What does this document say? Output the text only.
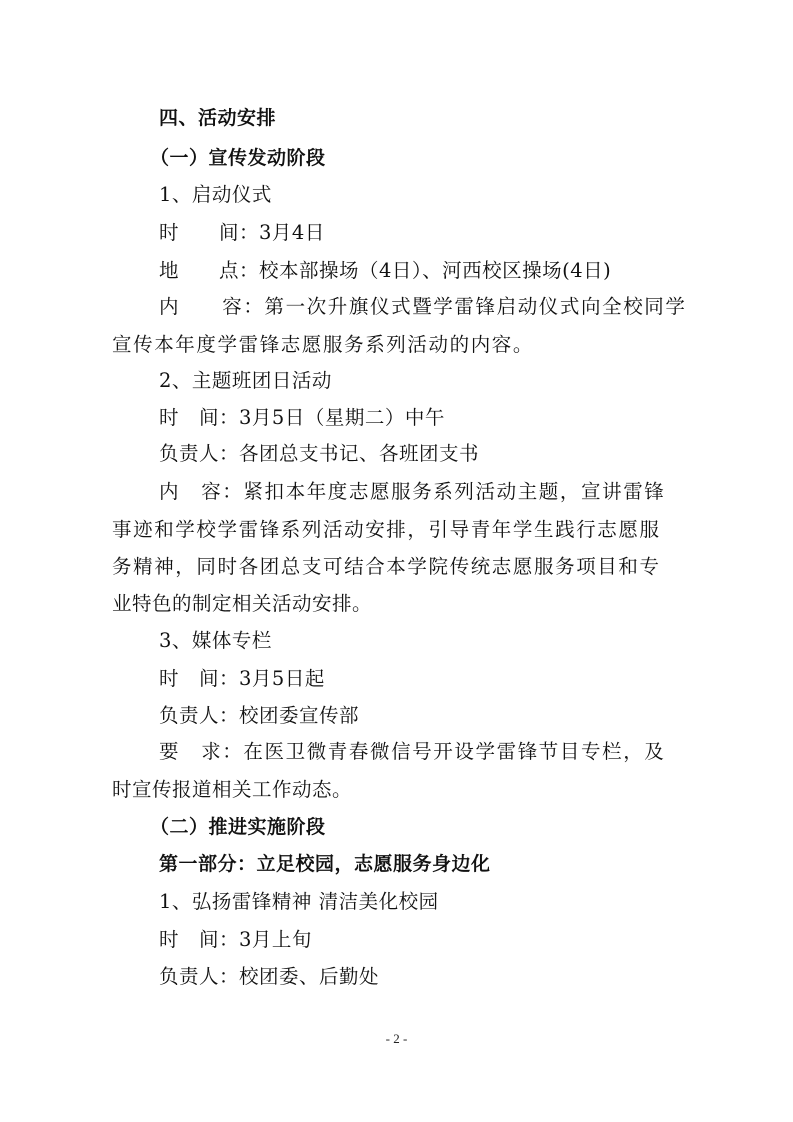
四、活动安排
（一）宣传发动阶段
1、启动仪式
时　　间：3月4日
地　　点：校本部操场（4日）、河西校区操场(4日)
内　　容：第一次升旗仪式暨学雷锋启动仪式向全校同学
宣传本年度学雷锋志愿服务系列活动的内容。
2、主题班团日活动
时　间：3月5日（星期二）中午
负责人：各团总支书记、各班团支书
内　容：紧扣本年度志愿服务系列活动主题，宣讲雷锋
事迹和学校学雷锋系列活动安排，引导青年学生践行志愿服
务精神，同时各团总支可结合本学院传统志愿服务项目和专
业特色的制定相关活动安排。
3、媒体专栏
时　间：3月5日起
负责人：校团委宣传部
要　求：在医卫微青春微信号开设学雷锋节目专栏，及
时宣传报道相关工作动态。
（二）推进实施阶段
第一部分：立足校园，志愿服务身边化
1、弘扬雷锋精神 清洁美化校园
时　间：3月上旬
负责人：校团委、后勤处
- 2 -
